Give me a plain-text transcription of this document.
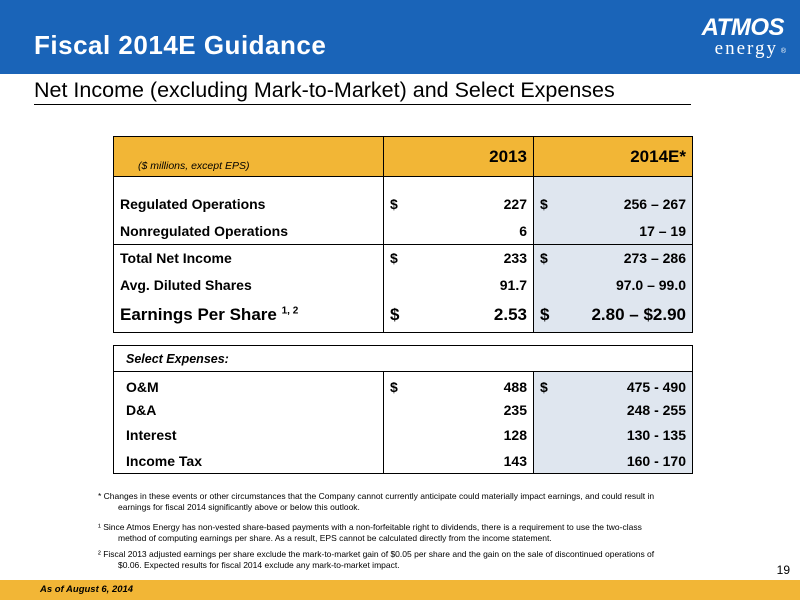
Fiscal 2014E Guidance
ATMOS
energy ®
Net Income (excluding Mark-to-Market) and Select Expenses
($ millions, except EPS)	2013	2014E*

Regulated Operations	$ 227	$ 256 – 267
Nonregulated Operations	6	17 – 19
Total Net Income	$ 233	$ 273 – 286
Avg. Diluted Shares	91.7	97.0 – 99.0
Earnings Per Share $^{1, 2}$	$ 2.53	$ 2.80 – $2.90
Select Expenses:		
O&M	$ 488	$ 475 - 490
D&A	235	248 - 255
Interest	128	130 - 135
Income Tax	143	160 - 170
* Changes in these events or other circumstances that the Company cannot currently anticipate could materially impact earnings, and could result in
earnings for fiscal 2014 significantly above or below this outlook.
¹ Since Atmos Energy has non-vested share-based payments with a non-forfeitable right to dividends, there is a requirement to use the two-class
method of computing earnings per share. As a result, EPS cannot be calculated directly from the income statement.
² Fiscal 2013 adjusted earnings per share exclude the mark-to-market gain of $0.05 per share and the gain on the sale of discontinued operations of
$0.06. Expected results for fiscal 2014 exclude any mark-to-market impact.	19
As of August 6, 2014
